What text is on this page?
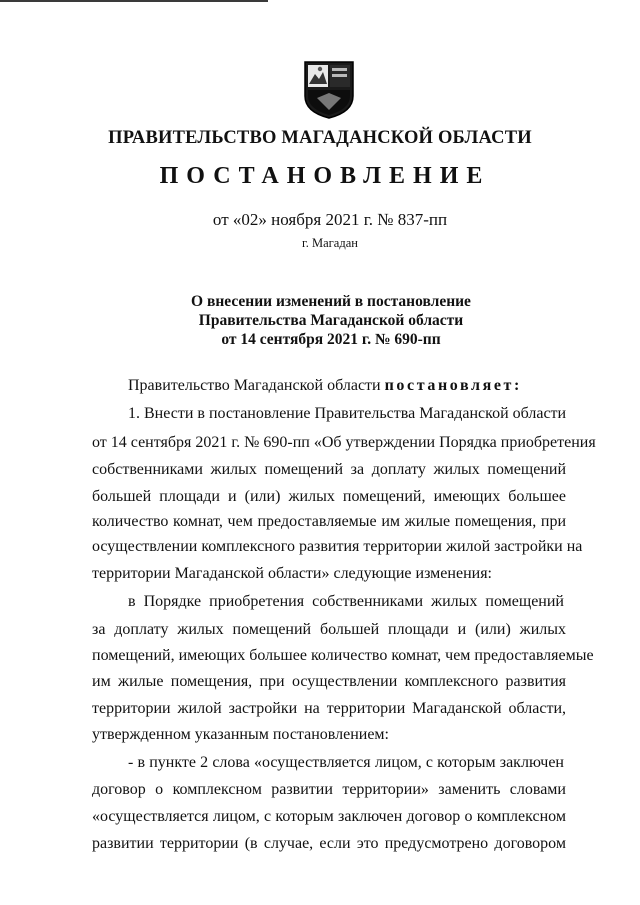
ПРАВИТЕЛЬСТВО МАГАДАНСКОЙ ОБЛАСТИ
ПОСТАНОВЛЕНИЕ
от «02» ноября 2021 г. № 837-пп
г. Магадан
О внесении изменений в постановление
Правительства Магаданской области
от 14 сентября 2021 г. № 690-пп
Правительство Магаданской области постановляет:
1. Внести в постановление Правительства Магаданской области
от 14 сентября 2021 г. № 690-пп «Об утверждении Порядка приобретения
собственниками жилых помещений за доплату жилых помещений
большей площади и (или) жилых помещений, имеющих большее
количество комнат, чем предоставляемые им жилые помещения, при
осуществлении комплексного развития территории жилой застройки на
территории Магаданской области» следующие изменения:
в Порядке приобретения собственниками жилых помещений
за доплату жилых помещений большей площади и (или) жилых
помещений, имеющих большее количество комнат, чем предоставляемые
им жилые помещения, при осуществлении комплексного развития
территории жилой застройки на территории Магаданской области,
утвержденном указанным постановлением:
- в пункте 2 слова «осуществляется лицом, с которым заключен
договор о комплексном развитии территории» заменить словами
«осуществляется лицом, с которым заключен договор о комплексном
развитии территории (в случае, если это предусмотрено договором
